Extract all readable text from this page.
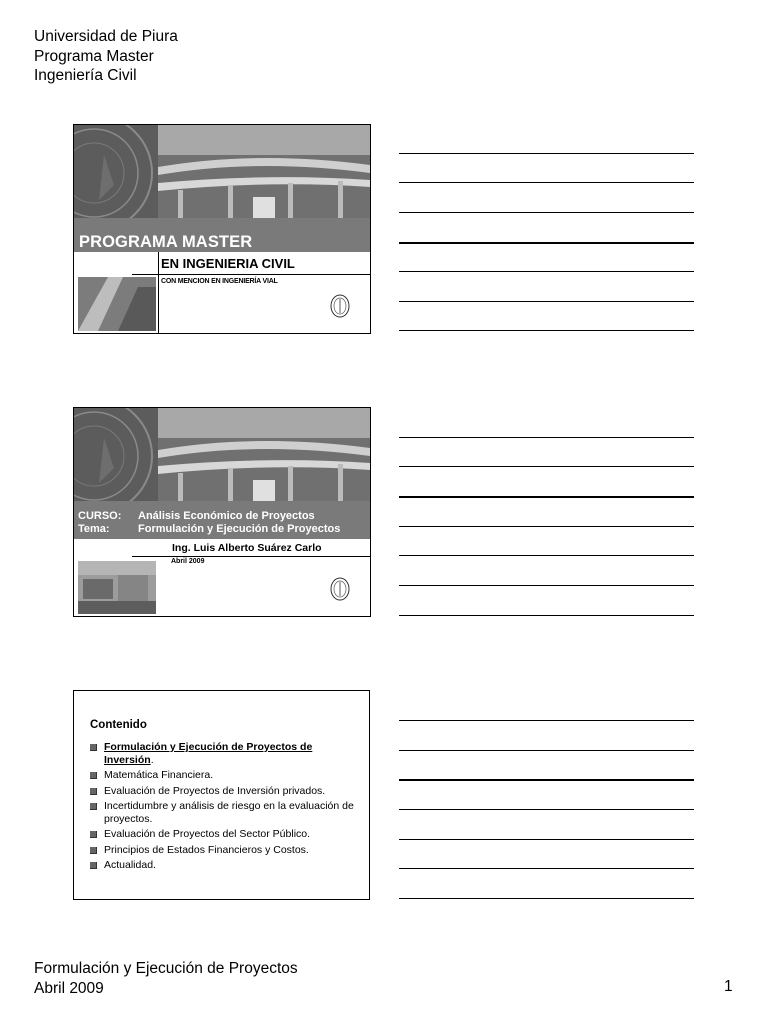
Universidad de Piura
Programa Master
Ingeniería Civil
PROGRAMA MASTER
EN INGENIERIA CIVIL
CON MENCION EN INGENIERÍA VIAL
CURSO: Análisis Económico de Proyectos
Tema:	Formulación y Ejecución de Proyectos
Ing. Luis Alberto Suárez Carlo
Abril 2009
Contenido
Formulación y Ejecución de Proyectos de Inversión.
Matemática Financiera.
Evaluación de Proyectos de Inversión privados.
Incertidumbre y análisis de riesgo en la evaluación de proyectos.
Evaluación de Proyectos del Sector Público.
Principios de Estados Financieros y Costos.
Actualidad.
Formulación y Ejecución de Proyectos
Abril 2009	1
